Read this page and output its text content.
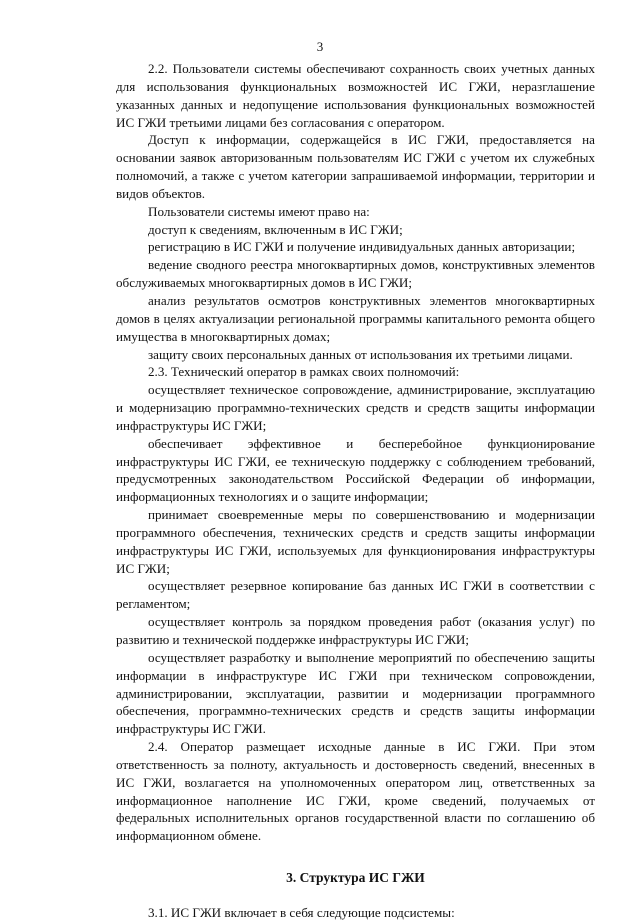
3

2.2. Пользователи системы обеспечивают сохранность своих учетных данных для использования функциональных возможностей ИС ГЖИ, неразглашение указанных данных и недопущение использования функциональных возможностей ИС ГЖИ третьими лицами без согласования с оператором.

Доступ к информации, содержащейся в ИС ГЖИ, предоставляется на основании заявок авторизованным пользователям ИС ГЖИ с учетом их служебных полномочий, а также с учетом категории запрашиваемой информации, территории и видов объектов.

Пользователи системы имеют право на:

доступ к сведениям, включенным в ИС ГЖИ;

регистрацию в ИС ГЖИ и получение индивидуальных данных авторизации;

ведение сводного реестра многоквартирных домов, конструктивных элементов обслуживаемых многоквартирных домов в ИС ГЖИ;

анализ результатов осмотров конструктивных элементов многоквартирных домов в целях актуализации региональной программы капитального ремонта общего имущества в многоквартирных домах;

защиту своих персональных данных от использования их третьими лицами.

2.3. Технический оператор в рамках своих полномочий:

осуществляет техническое сопровождение, администрирование, эксплуатацию и модернизацию программно-технических средств и средств защиты информации инфраструктуры ИС ГЖИ;

обеспечивает эффективное и бесперебойное функционирование инфраструктуры ИС ГЖИ, ее техническую поддержку с соблюдением требований, предусмотренных законодательством Российской Федерации об информации, информационных технологиях и о защите информации;

принимает своевременные меры по совершенствованию и модернизации программного обеспечения, технических средств и средств защиты информации инфраструктуры ИС ГЖИ, используемых для функционирования инфраструктуры ИС ГЖИ;

осуществляет резервное копирование баз данных ИС ГЖИ в соответствии с регламентом;

осуществляет контроль за порядком проведения работ (оказания услуг) по развитию и технической поддержке инфраструктуры ИС ГЖИ;

осуществляет разработку и выполнение мероприятий по обеспечению защиты информации в инфраструктуре ИС ГЖИ при техническом сопровождении, администрировании, эксплуатации, развитии и модернизации программного обеспечения, программно-технических средств и средств защиты информации инфраструктуры ИС ГЖИ.

2.4. Оператор размещает исходные данные в ИС ГЖИ. При этом ответственность за полноту, актуальность и достоверность сведений, внесенных в ИС ГЖИ, возлагается на уполномоченных оператором лиц, ответственных за информационное наполнение ИС ГЖИ, кроме сведений, получаемых от федеральных исполнительных органов государственной власти по соглашению об информационном обмене.

3. Структура ИС ГЖИ

3.1. ИС ГЖИ включает в себя следующие подсистемы:
